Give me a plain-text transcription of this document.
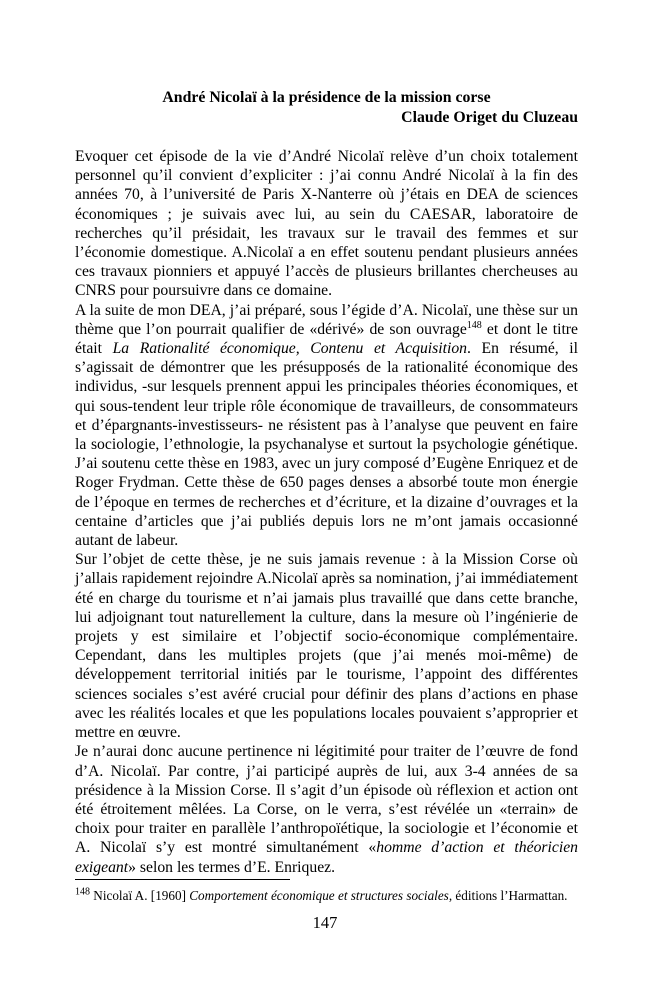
André Nicolaï à la présidence de la mission corse
Claude Origet du Cluzeau

Evoquer cet épisode de la vie d’André Nicolaï relève d’un choix totalement personnel qu’il convient d’expliciter : j’ai connu André Nicolaï à la fin des années 70, à l’université de Paris X-Nanterre où j’étais en DEA de sciences économiques ; je suivais avec lui, au sein du CAESAR, laboratoire de recherches qu’il présidait, les travaux sur le travail des femmes et sur l’économie domestique. A.Nicolaï a en effet soutenu pendant plusieurs années ces travaux pionniers et appuyé l’accès de plusieurs brillantes chercheuses au CNRS pour poursuivre dans ce domaine.

A la suite de mon DEA, j’ai préparé, sous l’égide d’A. Nicolaï, une thèse sur un thème que l’on pourrait qualifier de «dérivé» de son ouvrage$^{148}$ et dont le titre était La Rationalité économique, Contenu et Acquisition. En résumé, il s’agissait de démontrer que les présupposés de la rationalité économique des individus, -sur lesquels prennent appui les principales théories économiques, et qui sous-tendent leur triple rôle économique de travailleurs, de consommateurs et d’épargnants-investisseurs- ne résistent pas à l’analyse que peuvent en faire la sociologie, l’ethnologie, la psychanalyse et surtout la psychologie génétique. J’ai soutenu cette thèse en 1983, avec un jury composé d’Eugène Enriquez et de Roger Frydman. Cette thèse de 650 pages denses a absorbé toute mon énergie de l’époque en termes de recherches et d’écriture, et la dizaine d’ouvrages et la centaine d’articles que j’ai publiés depuis lors ne m’ont jamais occasionné autant de labeur.

Sur l’objet de cette thèse, je ne suis jamais revenue : à la Mission Corse où j’allais rapidement rejoindre A.Nicolaï après sa nomination, j’ai immédiatement été en charge du tourisme et n’ai jamais plus travaillé que dans cette branche, lui adjoignant tout naturellement la culture, dans la mesure où l’ingénierie de projets y est similaire et l’objectif socio-économique complémentaire. Cependant, dans les multiples projets (que j’ai menés moi-même) de développement territorial initiés par le tourisme, l’appoint des différentes sciences sociales s’est avéré crucial pour définir des plans d’actions en phase avec les réalités locales et que les populations locales pouvaient s’approprier et mettre en œuvre.

Je n’aurai donc aucune pertinence ni légitimité pour traiter de l’œuvre de fond d’A. Nicolaï. Par contre, j’ai participé auprès de lui, aux 3-4 années de sa présidence à la Mission Corse. Il s’agit d’un épisode où réflexion et action ont été étroitement mêlées. La Corse, on le verra, s’est révélée un «terrain» de choix pour traiter en parallèle l’anthropoïétique, la sociologie et l’économie et A. Nicolaï s’y est montré simultanément «homme d’action et théoricien exigeant» selon les termes d’E. Enriquez.

$^{148}$ Nicolaï A. [1960] Comportement économique et structures sociales, éditions l’Harmattan.
147
